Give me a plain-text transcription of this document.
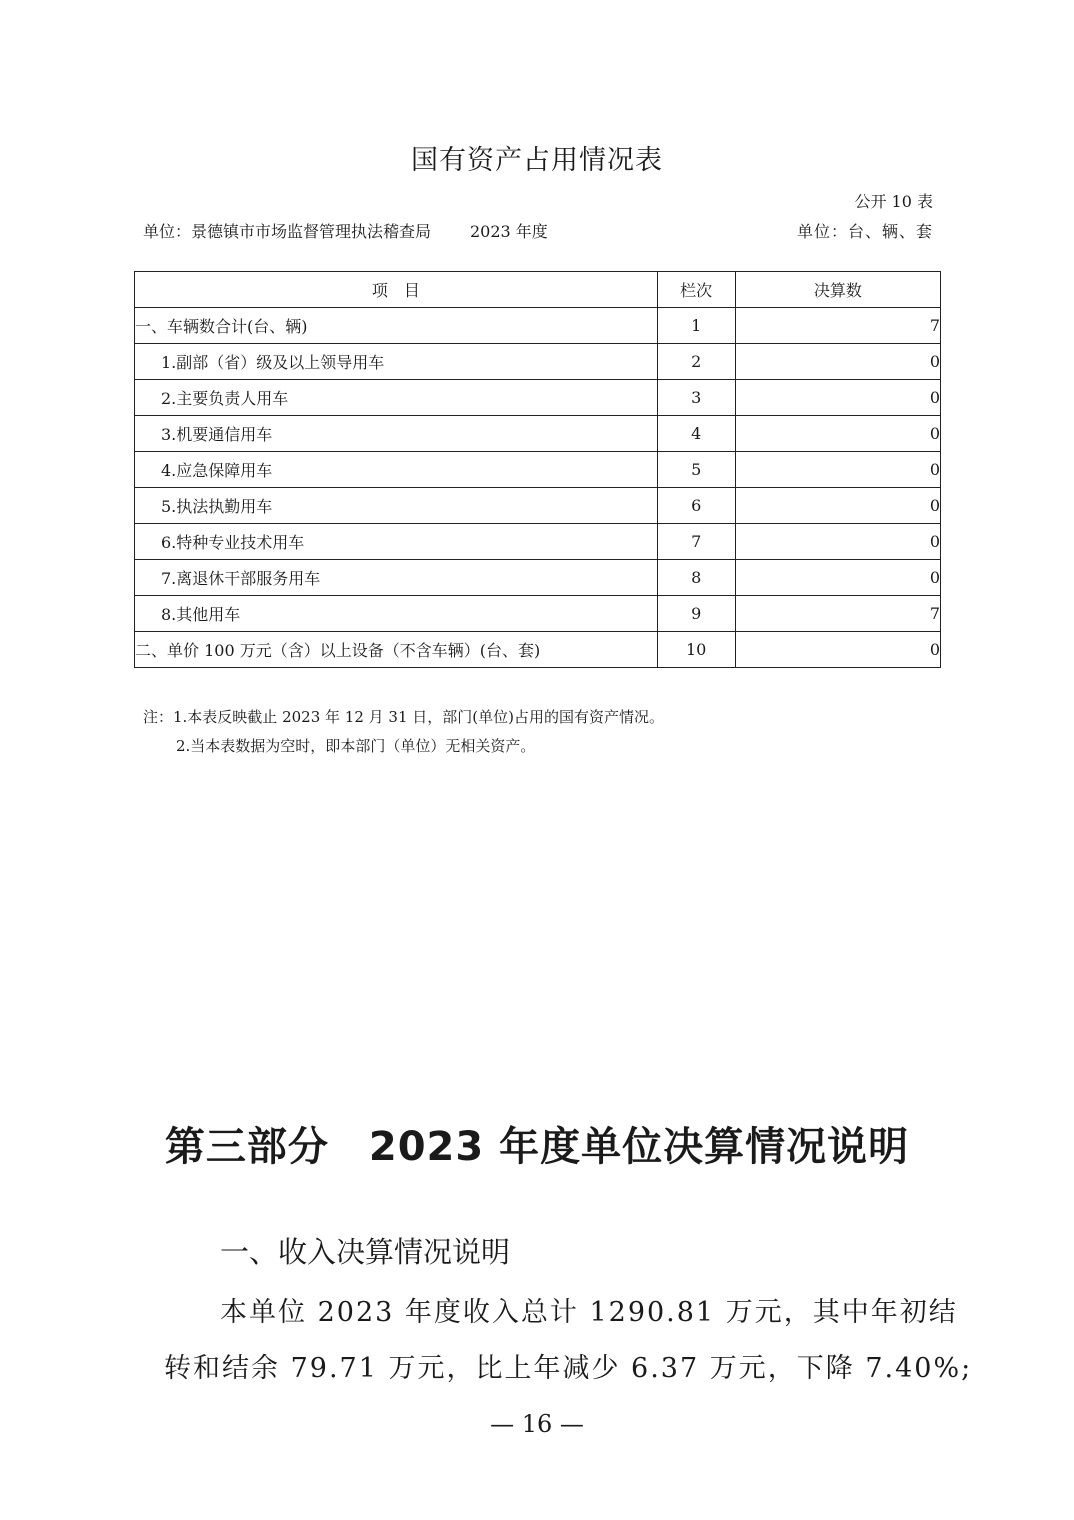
国有资产占用情况表
公开 10 表
单位：景德镇市市场监督管理执法稽查局 2023 年度	单位：台、辆、套
项　目	栏次	决算数
一、车辆数合计(台、辆)	1	7
1.副部（省）级及以上领导用车	2	0
2.主要负责人用车	3	0
3.机要通信用车	4	0
4.应急保障用车	5	0
5.执法执勤用车	6	0
6.特种专业技术用车	7	0
7.离退休干部服务用车	8	0
8.其他用车	9	7
二、单价 100 万元（含）以上设备（不含车辆）(台、套)	10	0
注：1.本表反映截止 2023 年 12 月 31 日，部门(单位)占用的国有资产情况。
2.当本表数据为空时，即本部门（单位）无相关资产。
第三部分 2023 年度单位决算情况说明
一、收入决算情况说明
本单位 2023 年度收入总计 1290.81 万元，其中年初结
转和结余 79.71 万元，比上年减少 6.37 万元，下降 7.40%;
— 16 —
